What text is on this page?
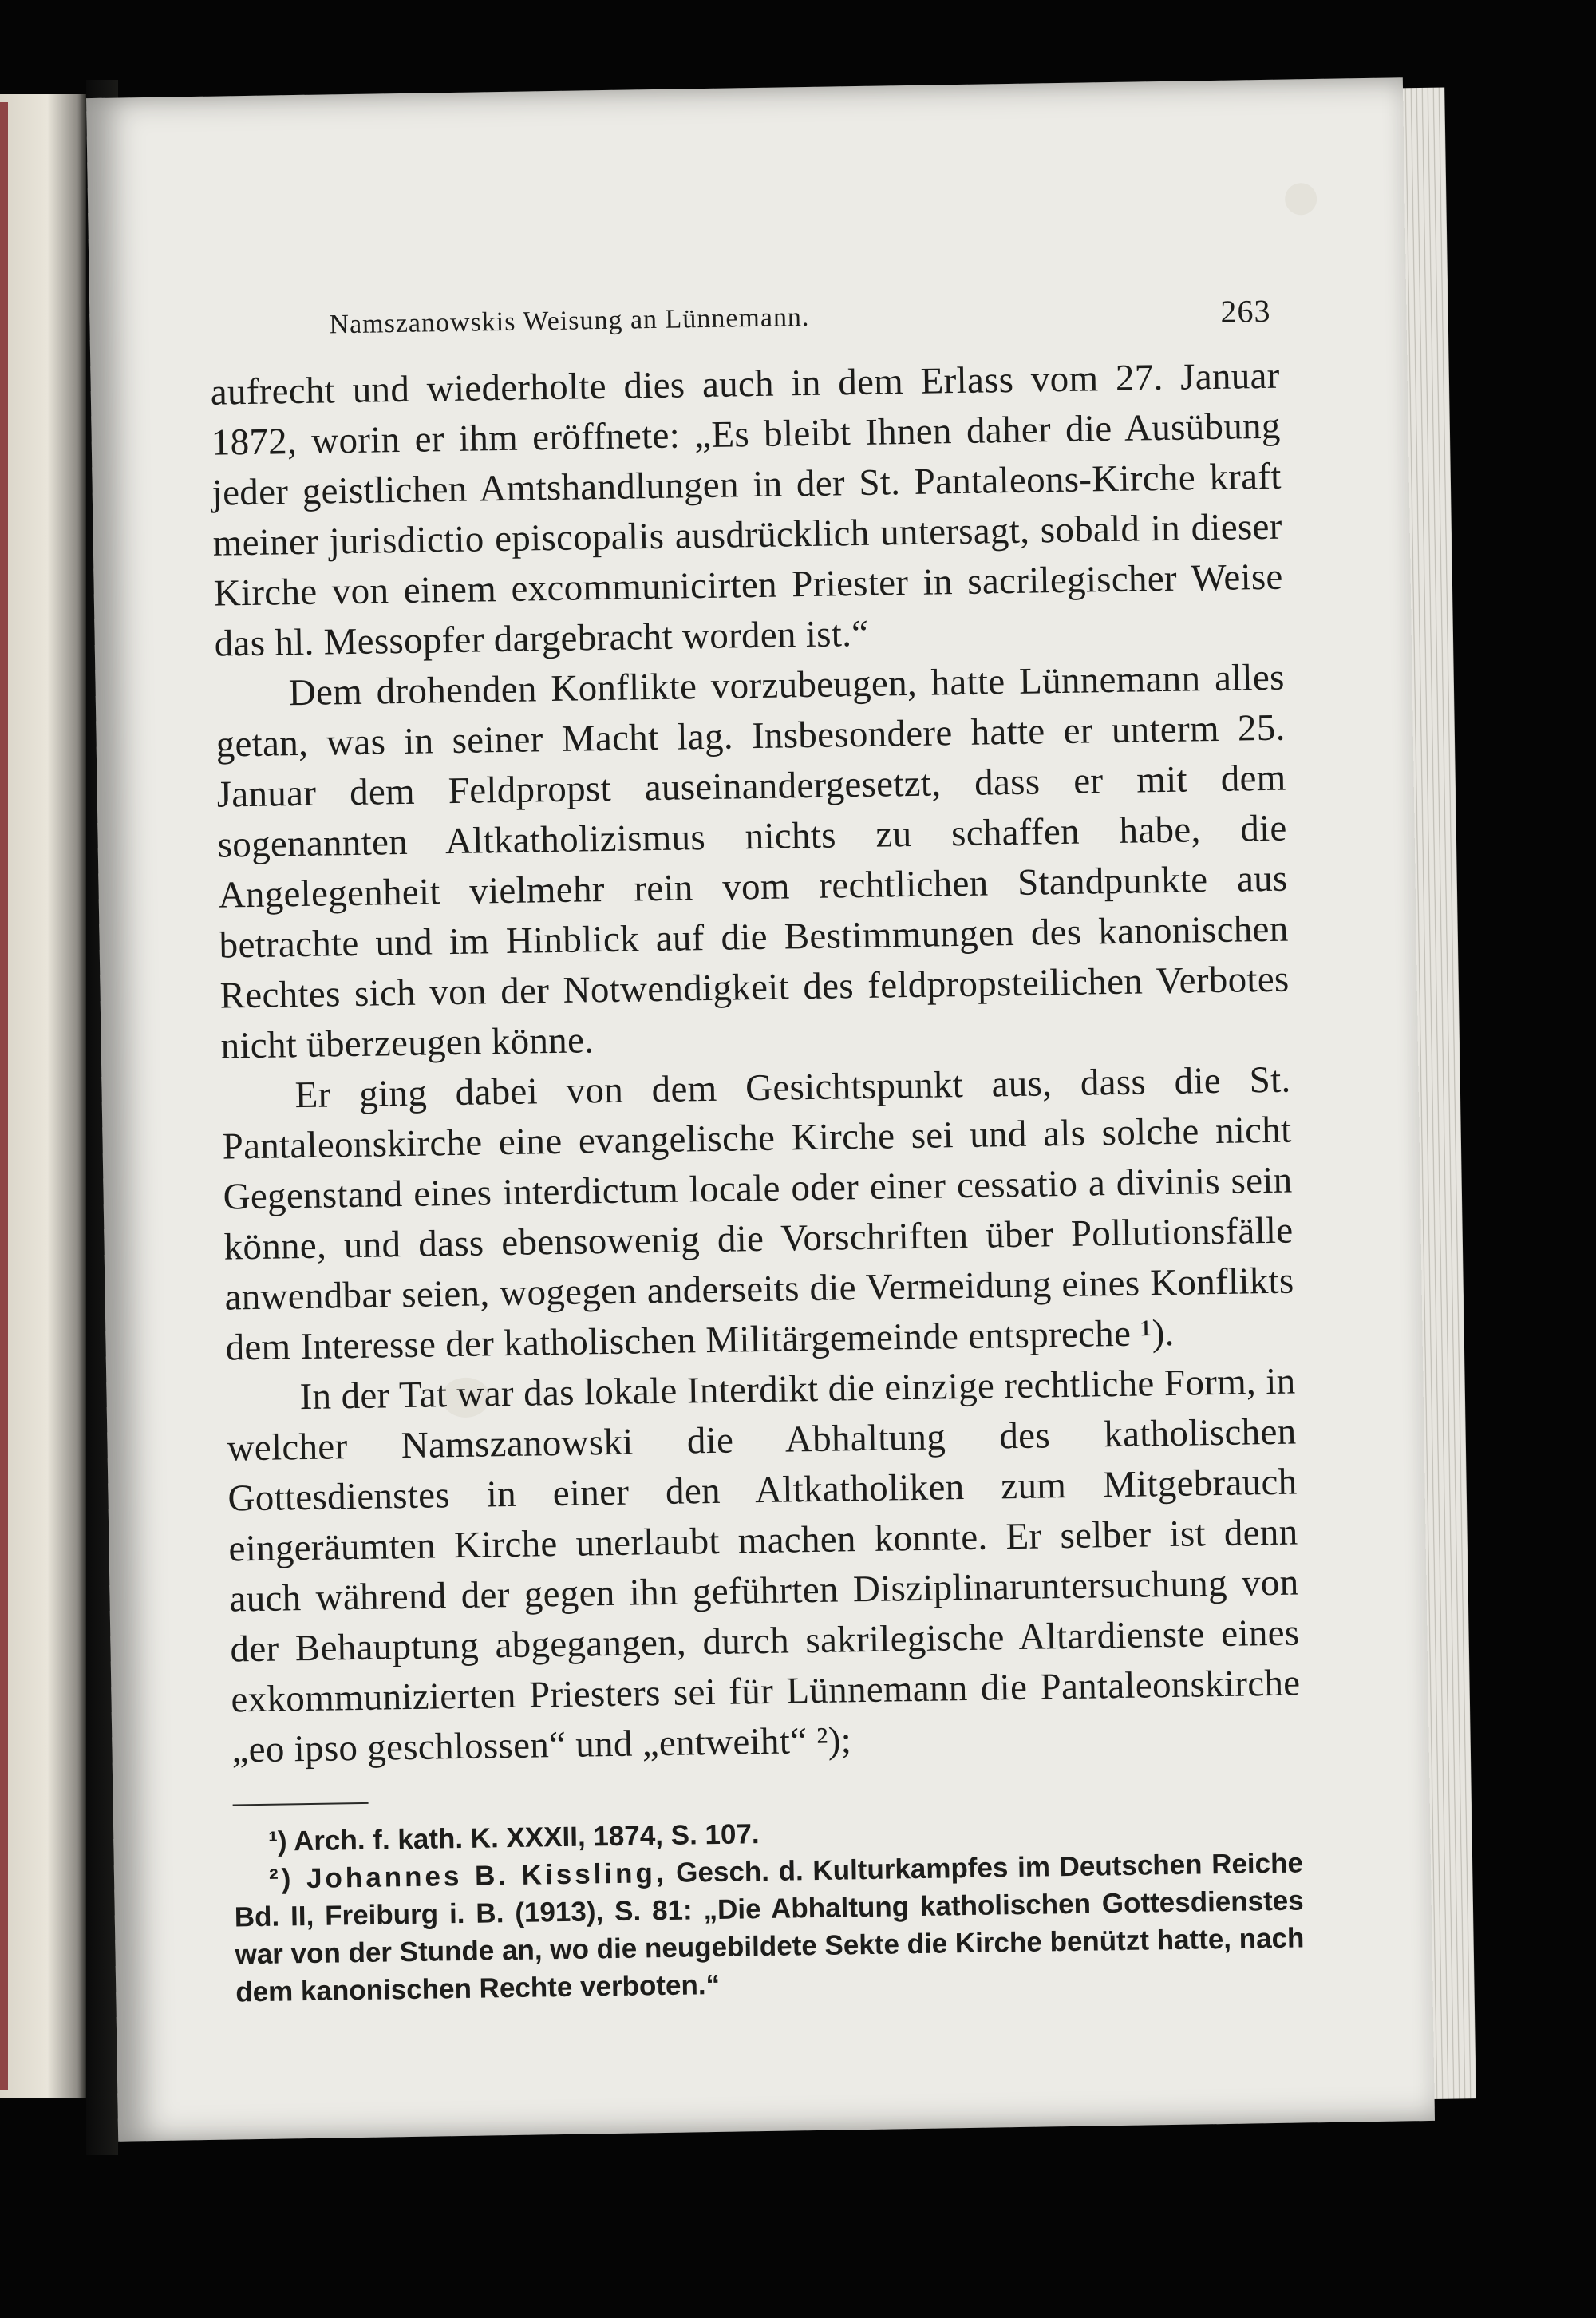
Namszanowskis Weisung an Lünnemann.	263

aufrecht und wiederholte dies auch in dem Erlass vom 27. Januar 1872, worin er ihm eröffnete: „Es bleibt Ihnen daher die Ausübung jeder geistlichen Amtshandlungen in der St. Pantaleons-Kirche kraft meiner jurisdictio episcopalis ausdrücklich untersagt, sobald in dieser Kirche von einem excommunicirten Priester in sacrilegischer Weise das hl. Messopfer dargebracht worden ist.“

Dem drohenden Konflikte vorzubeugen, hatte Lünnemann alles getan, was in seiner Macht lag. Insbesondere hatte er unterm 25. Januar dem Feldpropst auseinandergesetzt, dass er mit dem sogenannten Altkatholizismus nichts zu schaffen habe, die Angelegenheit vielmehr rein vom rechtlichen Standpunkte aus betrachte und im Hinblick auf die Bestimmungen des kanonischen Rechtes sich von der Notwendigkeit des feldpropsteilichen Verbotes nicht überzeugen könne.

Er ging dabei von dem Gesichtspunkt aus, dass die St. Pantaleonskirche eine evangelische Kirche sei und als solche nicht Gegenstand eines interdictum locale oder einer cessatio a divinis sein könne, und dass ebensowenig die Vorschriften über Pollutionsfälle anwendbar seien, wogegen anderseits die Vermeidung eines Konflikts dem Interesse der katholischen Militärgemeinde entspreche ¹).

In der Tat war das lokale Interdikt die einzige rechtliche Form, in welcher Namszanowski die Abhaltung des katholischen Gottesdienstes in einer den Altkatholiken zum Mitgebrauch eingeräumten Kirche unerlaubt machen konnte. Er selber ist denn auch während der gegen ihn geführten Disziplinaruntersuchung von der Behauptung abgegangen, durch sakrilegische Altardienste eines exkommunizierten Priesters sei für Lünnemann die Pantaleonskirche „eo ipso geschlossen“ und „entweiht“ ²);

¹) Arch. f. kath. K. XXXII, 1874, S. 107.

²) Johannes B. Kissling, Gesch. d. Kulturkampfes im Deutschen Reiche Bd. II, Freiburg i. B. (1913), S. 81: „Die Abhaltung katholischen Gottesdienstes war von der Stunde an, wo die neugebildete Sekte die Kirche benützt hatte, nach dem kanonischen Rechte verboten.“
